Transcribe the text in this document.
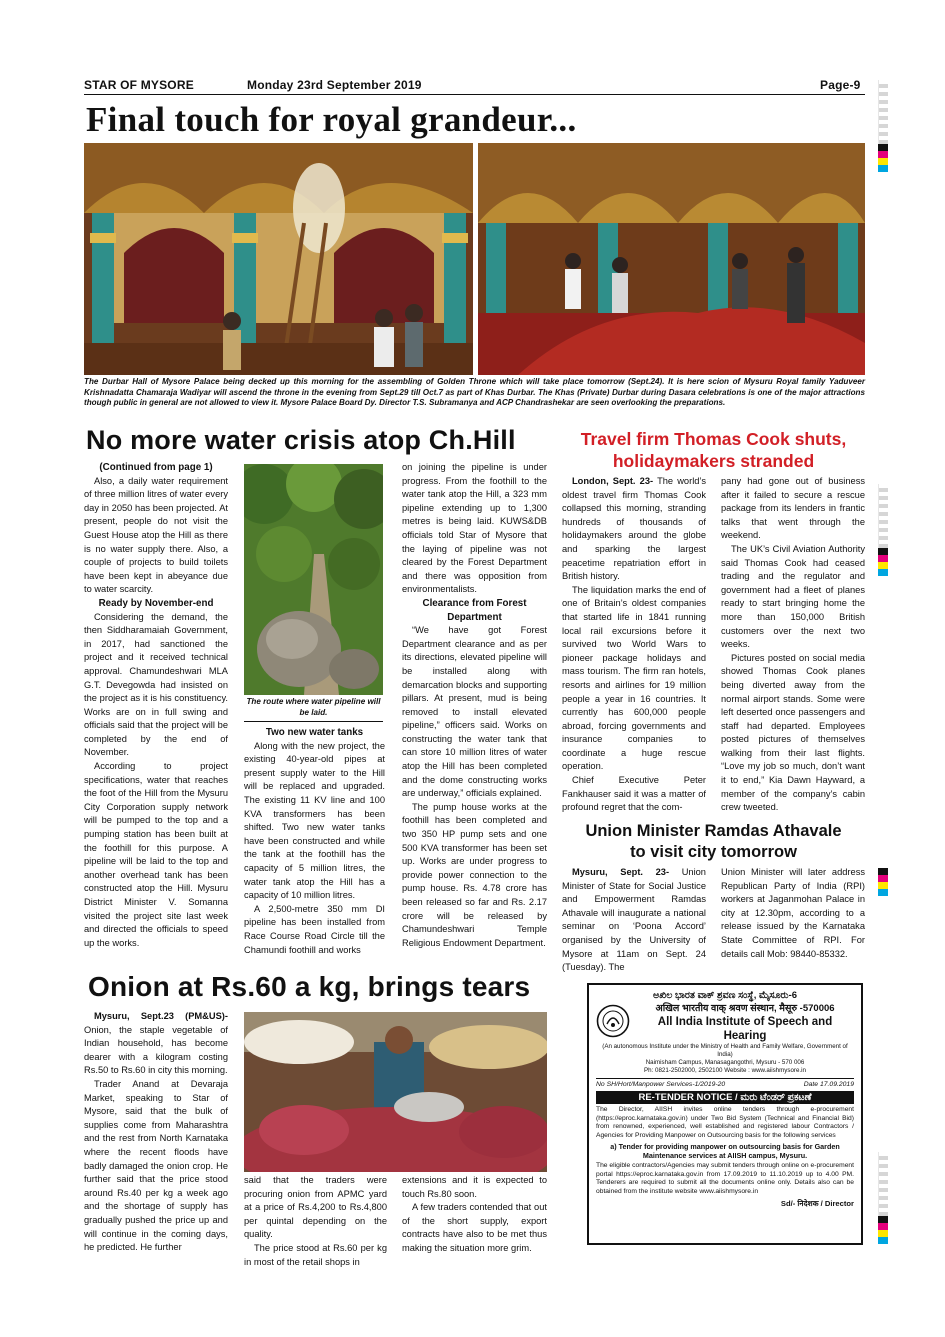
STAR OF MYSORE	Monday 23rd September 2019	Page-9
Final touch for royal grandeur...
The Durbar Hall of Mysore Palace being decked up this morning for the assembling of Golden Throne which will take place tomorrow (Sept.24). It is here scion of Mysuru Royal family Yaduveer Krishnadatta Chamaraja Wadiyar will ascend the throne in the evening from Sept.29 till Oct.7 as part of Khas Durbar. The Khas (Private) Durbar during Dasara celebrations is one of the major attractions though public in general are not allowed to view it. Mysore Palace Board Dy. Director T.S. Subramanya and ACP Chandrashekar are seen overlooking the preparations.
No more water crisis atop Ch.Hill
(Continued from page 1)

Also, a daily water requirement of three million litres of water every day in 2050 has been projected. At present, people do not visit the Guest House atop the Hill as there is no water supply there. Also, a couple of projects to build toilets have been kept in abeyance due to water scarcity.

Ready by November-end

Considering the demand, the then Siddharamaiah Government, in 2017, had sanctioned the project and it received technical approval. Chamundeshwari MLA G.T. Devegowda had insisted on the project as it is his constituency. Works are on in full swing and officials said that the project will be completed by the end of November.

According to project specifications, water that reaches the foot of the Hill from the Mysuru City Corporation supply network will be pumped to the top and a pumping station has been built at the foothill for this purpose. A pipeline will be laid to the top and another overhead tank has been constructed atop the Hill. Mysuru District Minister V. Somanna visited the project site last week and directed the officials to speed up the works.

The route where water pipeline will be laid.
Two new water tanks

Along with the new project, the existing 40-year-old pipes at present supply water to the Hill will be replaced and upgraded. The existing 11 KV line and 100 KVA transformers has been shifted. Two new water tanks have been constructed and while the tank at the foothill has the capacity of 5 million litres, the water tank atop the Hill has a capacity of 10 million litres.

A 2,500-metre 350 mm DI pipeline has been installed from Race Course Road Circle till the Chamundi foothill and works

on joining the pipeline is under progress. From the foothill to the water tank atop the Hill, a 323 mm pipeline extending up to 1,300 metres is being laid. KUWS&DB officials told Star of Mysore that the laying of pipeline was not cleared by the Forest Department and there was opposition from environmentalists.

Clearance from Forest Department

“We have got Forest Department clearance and as per its directions, elevated pipeline will be installed along with demarcation blocks and supporting pillars. At present, mud is being removed to install elevated pipeline,” officers said. Works on constructing the water tank that can store 10 million litres of water atop the Hill has been completed and the dome constructing works are underway,” officials explained.

The pump house works at the foothill has been completed and two 350 HP pump sets and one 500 KVA transformer has been set up. Works are under progress to provide power connection to the pump house. Rs. 4.78 crore has been released so far and Rs. 2.17 crore will be released by Chamundeshwari Temple Religious Endowment Department.

Travel firm Thomas Cook shuts,
holidaymakers stranded

London, Sept. 23- The world’s oldest travel firm Thomas Cook collapsed this morning, stranding hundreds of thousands of holidaymakers around the globe and sparking the largest peacetime repatriation effort in British history.

The liquidation marks the end of one of Britain’s oldest companies that started life in 1841 running local rail excursions before it survived two World Wars to pioneer package holidays and mass tourism. The firm ran hotels, resorts and airlines for 19 million people a year in 16 countries. It currently has 600,000 people abroad, forcing governments and insurance companies to coordinate a huge rescue operation.

Chief Executive Peter Fankhauser said it was a matter of profound regret that the com-

pany had gone out of business after it failed to secure a rescue package from its lenders in frantic talks that went through the weekend.

The UK’s Civil Aviation Authority said Thomas Cook had ceased trading and the regulator and government had a fleet of planes ready to start bringing home the more than 150,000 British customers over the next two weeks.

Pictures posted on social media showed Thomas Cook planes being diverted away from the normal airport stands. Some were left deserted once passengers and staff had departed. Employees posted pictures of themselves walking from their last flights. “Love my job so much, don’t want it to end,” Kia Dawn Hayward, a member of the company’s cabin crew tweeted.

Union Minister Ramdas Athavale
to visit city tomorrow

Mysuru, Sept. 23- Union Minister of State for Social Justice and Empowerment Ramdas Athavale will inaugurate a national seminar on ‘Poona Accord’ organised by the University of Mysore at 11am on Sept. 24 (Tuesday). The

Union Minister will later address Republican Party of India (RPI) workers at Jaganmohan Palace in city at 12.30pm, according to a release issued by the Karnataka State Committee of RPI. For details call Mob: 98440-85332.

Onion at Rs.60 a kg, brings tears

Mysuru, Sept.23 (PM&US)- Onion, the staple vegetable of Indian household, has become dearer with a kilogram costing Rs.50 to Rs.60 in city this morning.

Trader Anand at Devaraja Market, speaking to Star of Mysore, said that the bulk of supplies come from Maharashtra and the rest from North Karnataka where the recent floods have badly damaged the onion crop. He further said that the price stood around Rs.40 per kg a week ago and the shortage of supply has gradually pushed the price up and will continue in the coming days, he predicted. He further

said that the traders were procuring onion from APMC yard at a price of Rs.4,200 to Rs.4,800 per quintal depending on the quality.

The price stood at Rs.60 per kg in most of the retail shops in

extensions and it is expected to touch Rs.80 soon.

A few traders contended that out of the short supply, export contracts have also to be met thus making the situation more grim.

ಅಖಿಲ ಭಾರತ ವಾಕ್ ಶ್ರವಣ ಸಂಸ್ಥೆ, ಮೈಸೂರು-6
अखिल भारतीय वाक् श्रवण संस्थान, मैसूरु -570006
All India Institute of Speech and Hearing
(An autonomous Institute under the Ministry of Health and Family Welfare, Government of India)
Naimisham Campus, Manasagangothri, Mysuru - 570 006
Ph: 0821-2502000, 2502100 Website : www.aiishmysore.in
No SH/Hort/Manpower Services-1/2019-20	Date 17.09.2019
RE-TENDER NOTICE / ಮರು ಟೆಂಡರ್ ಪ್ರಕಟಣೆ
The Director, AIISH invites online tenders through e-procurement (https://eproc.karnataka.gov.in) under Two Bid System (Technical and Financial Bid) from renowned, experienced, well established and registered labour Contractors / Agencies for Providing Manpower on Outsourcing basis for the following services
a) Tender for providing manpower on outsourcing basis for Garden Maintenance services at AIISH campus, Mysuru.
The eligible contractors/Agencies may submit tenders through online on e-procurement portal https://eproc.karnataka.gov.in from 17.09.2019 to 11.10.2019 up to 4.00 PM. Tenderers are required to submit all the documents online only. Details also can be obtained from the institute website www.aiishmysore.in
Sd/- निदेशक / Director
